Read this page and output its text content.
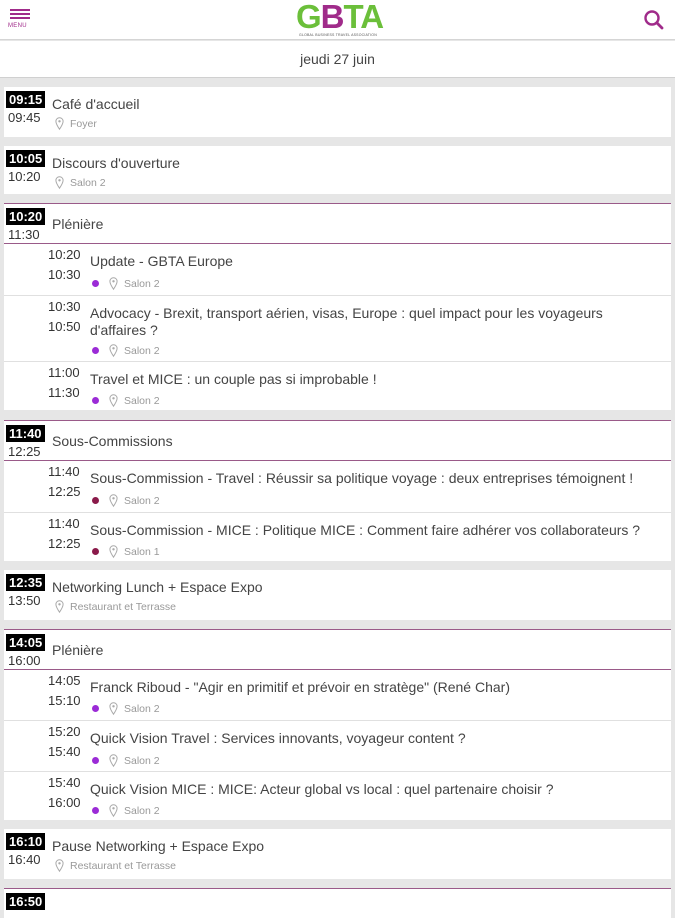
MENU	GBTA
GLOBAL BUSINESS TRAVEL ASSOCIATION
jeudi 27 juin
09:15
09:45
Café d'accueil
Foyer
10:05
10:20
Discours d'ouverture
Salon 2
10:20
11:30
Plénière
10:20
10:30
Update - GBTA Europe
Salon 2
10:30
10:50
Advocacy - Brexit, transport aérien, visas, Europe : quel impact pour les voyageurs d'affaires ?
Salon 2
11:00
11:30
Travel et MICE : un couple pas si improbable !
Salon 2
11:40
12:25
Sous-Commissions
11:40
12:25
Sous-Commission - Travel : Réussir sa politique voyage : deux entreprises témoignent !
Salon 2
11:40
12:25
Sous-Commission - MICE : Politique MICE : Comment faire adhérer vos collaborateurs ?
Salon 1
12:35
13:50
Networking Lunch + Espace Expo
Restaurant et Terrasse
14:05
16:00
Plénière
14:05
15:10
Franck Riboud - "Agir en primitif et prévoir en stratège" (René Char)
Salon 2
15:20
15:40
Quick Vision Travel : Services innovants, voyageur content ?
Salon 2
15:40
16:00
Quick Vision MICE : MICE: Acteur global vs local : quel partenaire choisir ?
Salon 2
16:10
16:40
Pause Networking + Espace Expo
Restaurant et Terrasse
16:50
